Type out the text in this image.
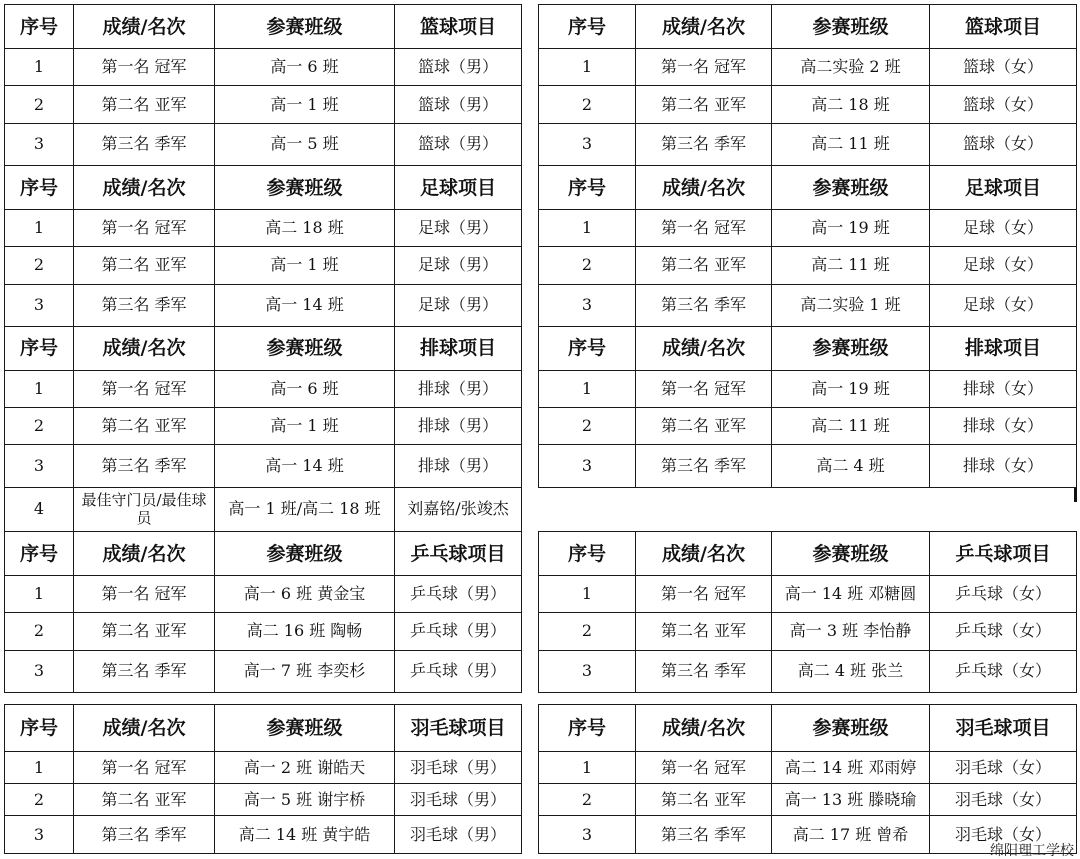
序号	成绩/名次	参赛班级	篮球项目		序号	成绩/名次	参赛班级	篮球项目
1	第一名 冠军	高一 6 班	篮球（男）		1	第一名 冠军	高二实验 2 班	篮球（女）
2	第二名 亚军	高一 1 班	篮球（男）		2	第二名 亚军	高二 18 班	篮球（女）
3	第三名 季军	高一 5 班	篮球（男）		3	第三名 季军	高二 11 班	篮球（女）
序号	成绩/名次	参赛班级	足球项目		序号	成绩/名次	参赛班级	足球项目
1	第一名 冠军	高二 18 班	足球（男）		1	第一名 冠军	高一 19 班	足球（女）
2	第二名 亚军	高一 1 班	足球（男）		2	第二名 亚军	高二 11 班	足球（女）
3	第三名 季军	高一 14 班	足球（男）		3	第三名 季军	高二实验 1 班	足球（女）
序号	成绩/名次	参赛班级	排球项目		序号	成绩/名次	参赛班级	排球项目
1	第一名 冠军	高一 6 班	排球（男）		1	第一名 冠军	高一 19 班	排球（女）
2	第二名 亚军	高一 1 班	排球（男）		2	第二名 亚军	高二 11 班	排球（女）
3	第三名 季军	高一 14 班	排球（男）		3	第三名 季军	高二 4 班	排球（女）
4	最佳守门员/最佳球员	高一 1 班/高二 18 班	刘嘉铭/张竣杰					
序号	成绩/名次	参赛班级	乒乓球项目		序号	成绩/名次	参赛班级	乒乓球项目
1	第一名 冠军	高一 6 班 黄金宝	乒乓球（男）		1	第一名 冠军	高一 14 班 邓糖圆	乒乓球（女）
2	第二名 亚军	高二 16 班 陶畅	乒乓球（男）		2	第二名 亚军	高一 3 班 李怡静	乒乓球（女）
3	第三名 季军	高一 7 班 李奕杉	乒乓球（男）		3	第三名 季军	高二 4 班 张兰	乒乓球（女）
序号	成绩/名次	参赛班级	羽毛球项目		序号	成绩/名次	参赛班级	羽毛球项目
1	第一名 冠军	高一 2 班 谢皓天	羽毛球（男）		1	第一名 冠军	高二 14 班 邓雨婷	羽毛球（女）
2	第二名 亚军	高一 5 班 谢宇桥	羽毛球（男）		2	第二名 亚军	高一 13 班 滕晓瑜	羽毛球（女）
3	第三名 季军	高二 14 班 黄宇皓	羽毛球（男）		3	第三名 季军	高二 17 班 曾希	羽毛球（女）
绵阳理工学校
